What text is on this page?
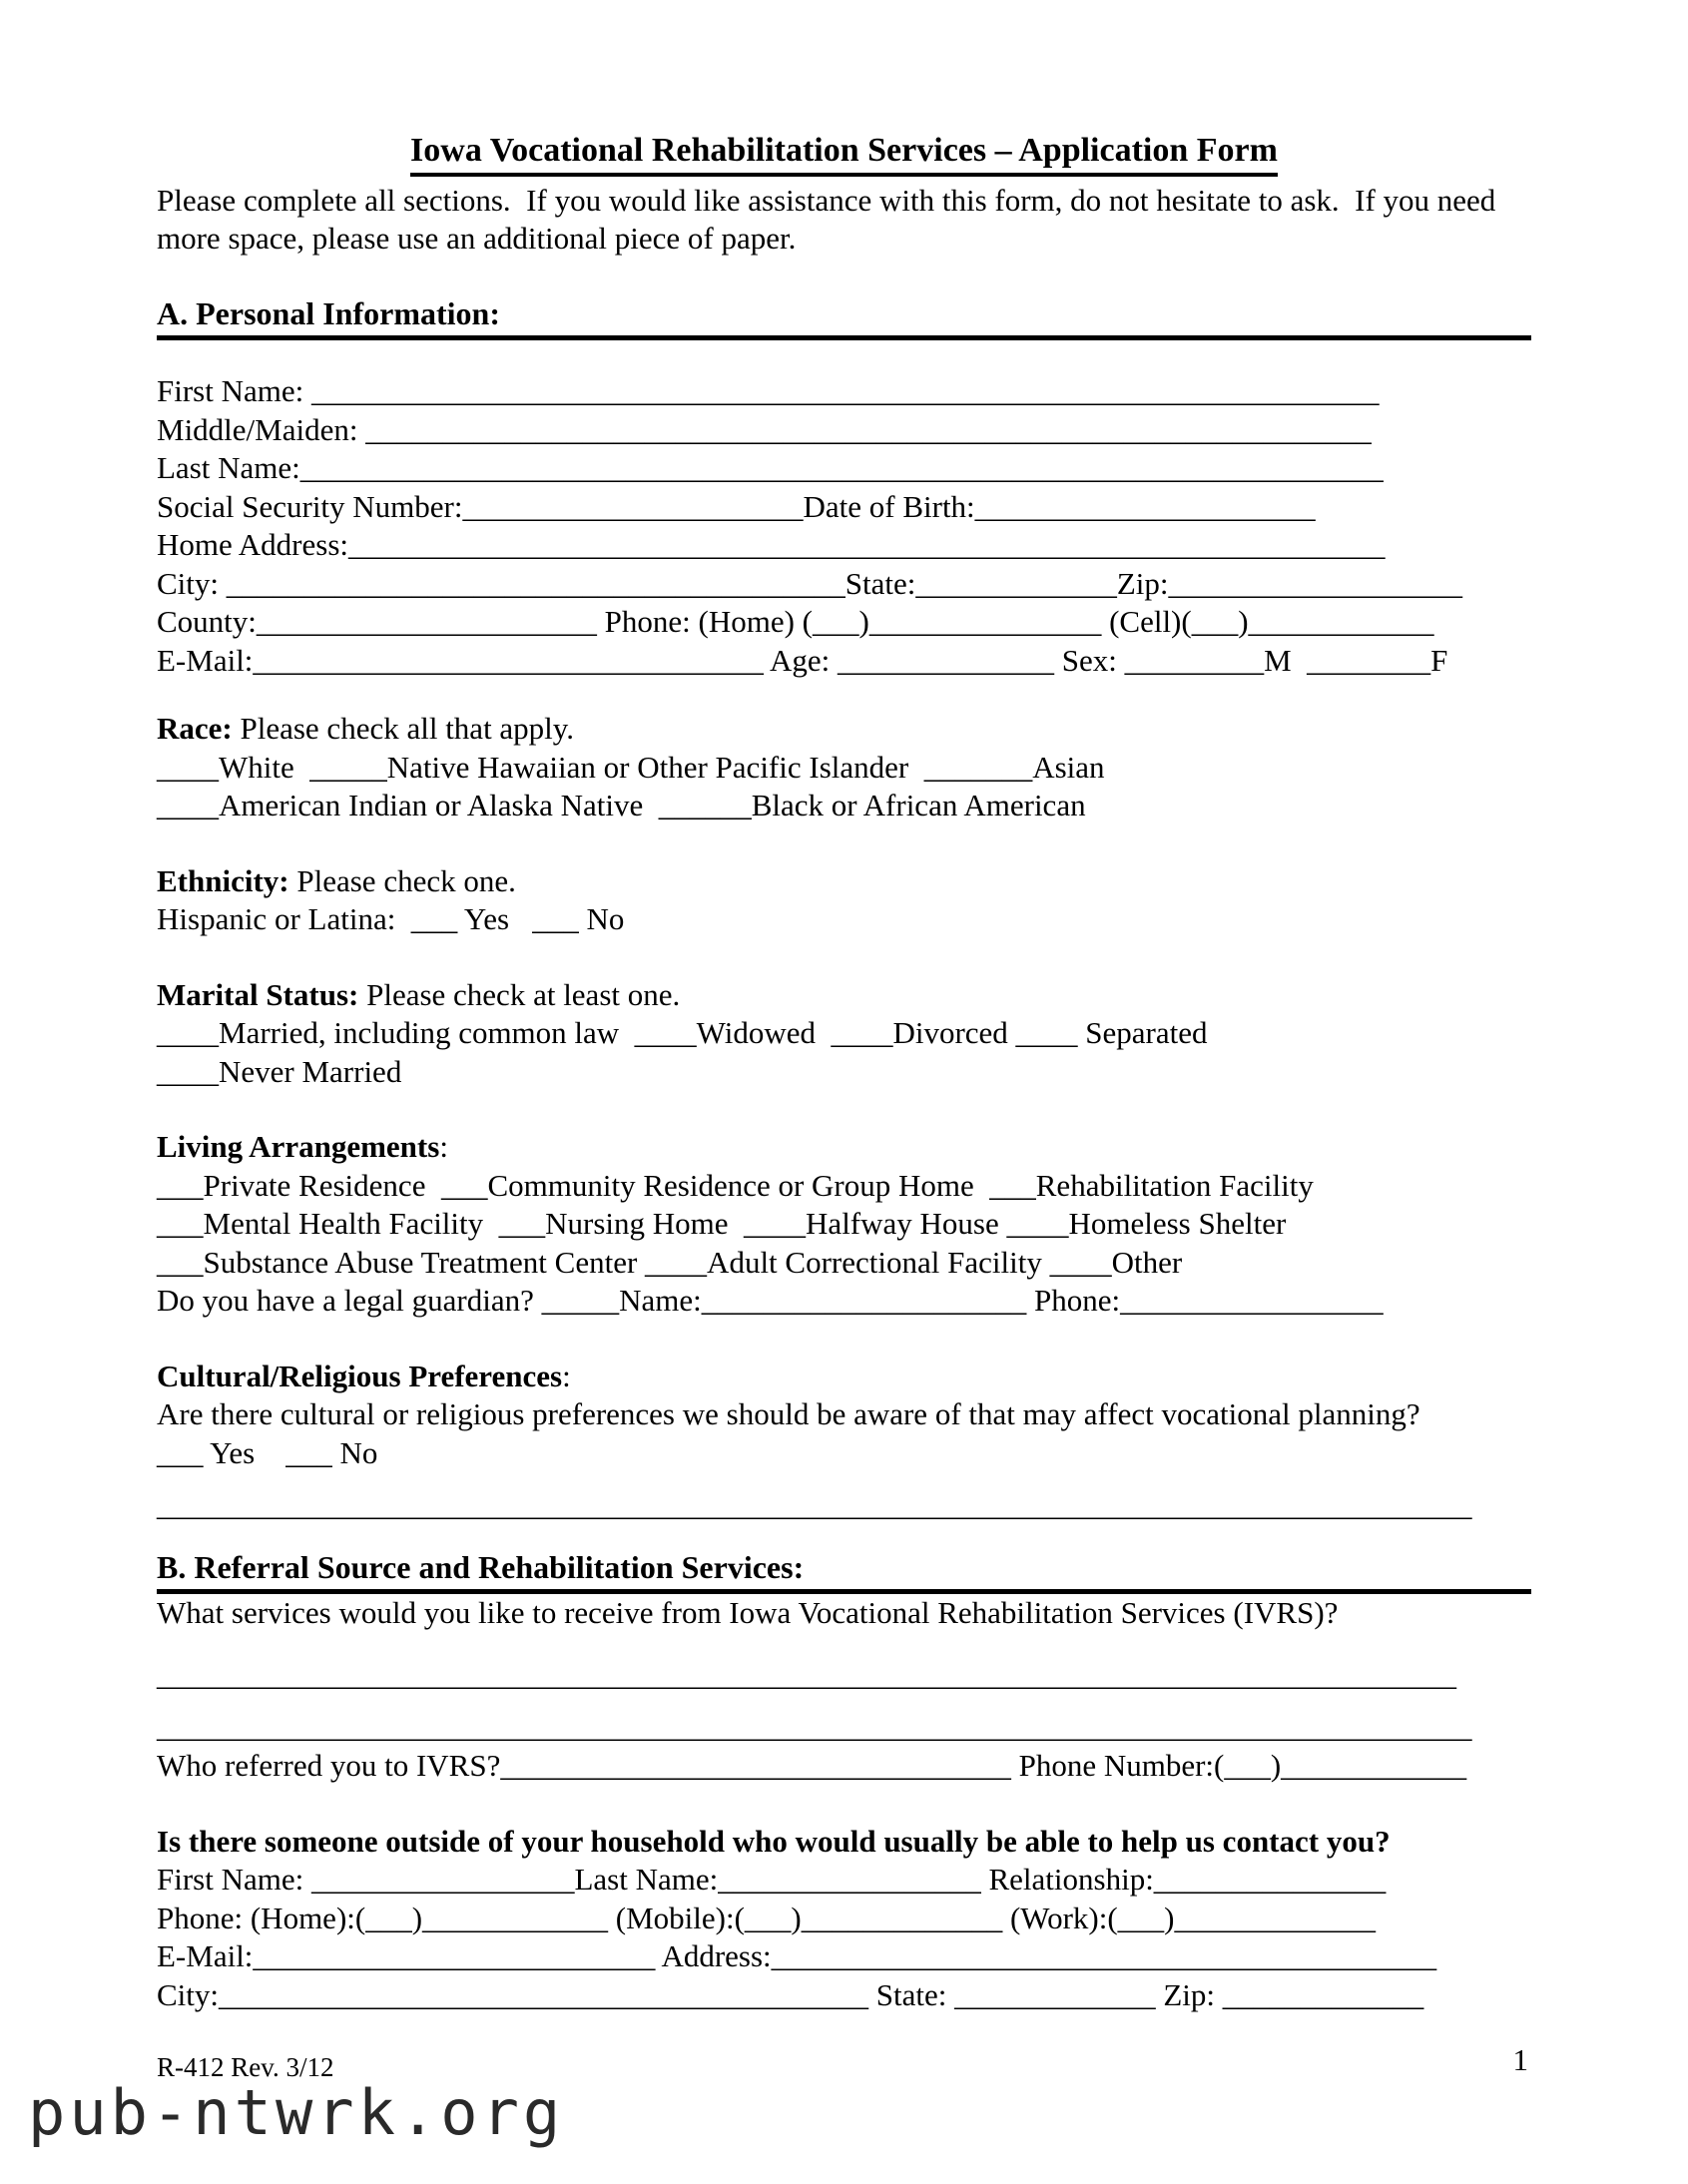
Iowa Vocational Rehabilitation Services – Application Form

Please complete all sections.  If you would like assistance with this form, do not hesitate to ask.  If you need more space, please use an additional piece of paper.

A. Personal Information:
First Name: _____________________________________________________________________
Middle/Maiden: _________________________________________________________________
Last Name:______________________________________________________________________
Social Security Number:______________________Date of Birth:______________________
Home Address:___________________________________________________________________
City: ________________________________________State:_____________Zip:___________________
County:______________________ Phone: (Home) (___)_______________ (Cell)(___)____________
E-Mail:_________________________________ Age: ______________ Sex: _________M  ________F
Race: Please check all that apply.
____White  _____Native Hawaiian or Other Pacific Islander  _______Asian
____American Indian or Alaska Native  ______Black or African American
Ethnicity: Please check one.
Hispanic or Latina:  ___ Yes   ___ No
Marital Status: Please check at least one.
____Married, including common law  ____Widowed  ____Divorced ____ Separated
____Never Married
Living Arrangements:
___Private Residence  ___Community Residence or Group Home  ___Rehabilitation Facility
___Mental Health Facility  ___Nursing Home  ____Halfway House ____Homeless Shelter
___Substance Abuse Treatment Center ____Adult Correctional Facility ____Other
Do you have a legal guardian? _____Name:_____________________ Phone:_________________
Cultural/Religious Preferences:
Are there cultural or religious preferences we should be aware of that may affect vocational planning?
___ Yes    ___ No
_____________________________________________________________________________________
B. Referral Source and Rehabilitation Services:
What services would you like to receive from Iowa Vocational Rehabilitation Services (IVRS)?
____________________________________________________________________________________
_____________________________________________________________________________________
Who referred you to IVRS?_________________________________ Phone Number:(___)____________
Is there someone outside of your household who would usually be able to help us contact you?
First Name: _________________Last Name:_________________ Relationship:_______________
Phone: (Home):(___)____________ (Mobile):(___)_____________ (Work):(___)_____________
E-Mail:__________________________ Address:___________________________________________
City:__________________________________________ State: _____________ Zip: _____________
R-412 Rev. 3/12	1
pub-ntwrk.org
